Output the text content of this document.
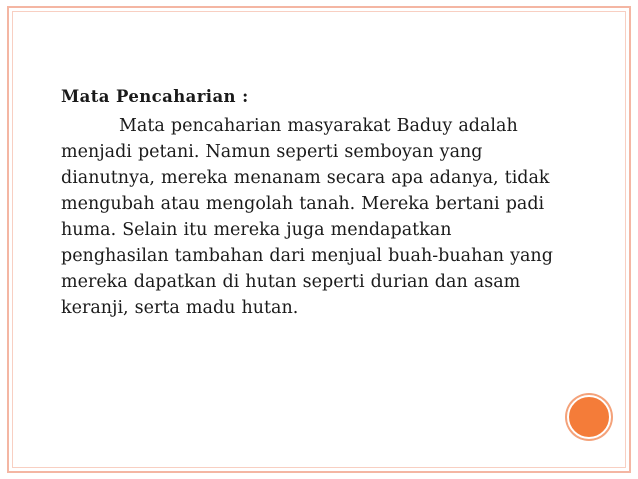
Mata Pencaharian :

Mata pencaharian masyarakat Baduy adalah menjadi petani. Namun seperti semboyan yang dianutnya, mereka menanam secara apa adanya, tidak mengubah atau mengolah tanah. Mereka bertani padi huma. Selain itu mereka juga mendapatkan penghasilan tambahan dari menjual buah-buahan yang mereka dapatkan di hutan seperti durian dan asam keranji, serta madu hutan.
